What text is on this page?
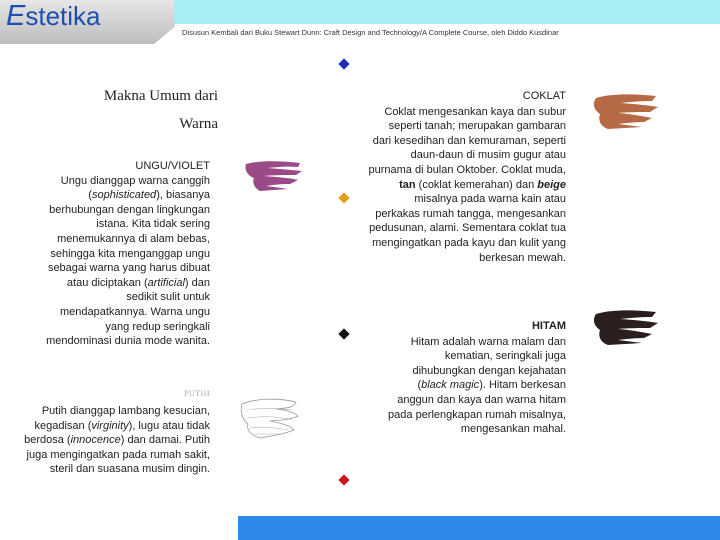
Estetika
Disusun Kembali dari Buku Stewart Dunn: Craft Design and Technology/A Complete Course, oleh Diddo Kusdinar
Makna Umum dari
Warna
UNGU/VIOLET
Ungu dianggap warna canggih (sophisticated), biasanya berhubungan dengan lingkungan istana. Kita tidak sering menemukannya di alam bebas, sehingga kita menganggap ungu sebagai warna yang harus dibuat atau diciptakan (artificial) dan sedikit sulit untuk mendapatkannya. Warna ungu yang redup seringkali mendominasi dunia mode wanita.
PUTIH
Putih dianggap lambang kesucian, kegadisan (virginity), lugu atau tidak berdosa (innocence) dan damai. Putih juga mengingatkan pada rumah sakit, steril dan suasana musim dingin.
COKLAT
Coklat mengesankan kaya dan subur seperti tanah; merupakan gambaran dari kesedihan dan kemuraman, seperti daun-daun di musim gugur atau purnama di bulan Oktober. Coklat muda, tan (coklat kemerahan) dan beige misalnya pada warna kain atau perkakas rumah tangga, mengesankan pedusunan, alami. Sementara coklat tua mengingatkan pada kayu dan kulit yang berkesan mewah.
HITAM
Hitam adalah warna malam dan kematian, seringkali juga dihubungkan dengan kejahatan (black magic). Hitam berkesan anggun dan kaya dan warna hitam pada perlengkapan rumah misalnya, mengesankan mahal.
